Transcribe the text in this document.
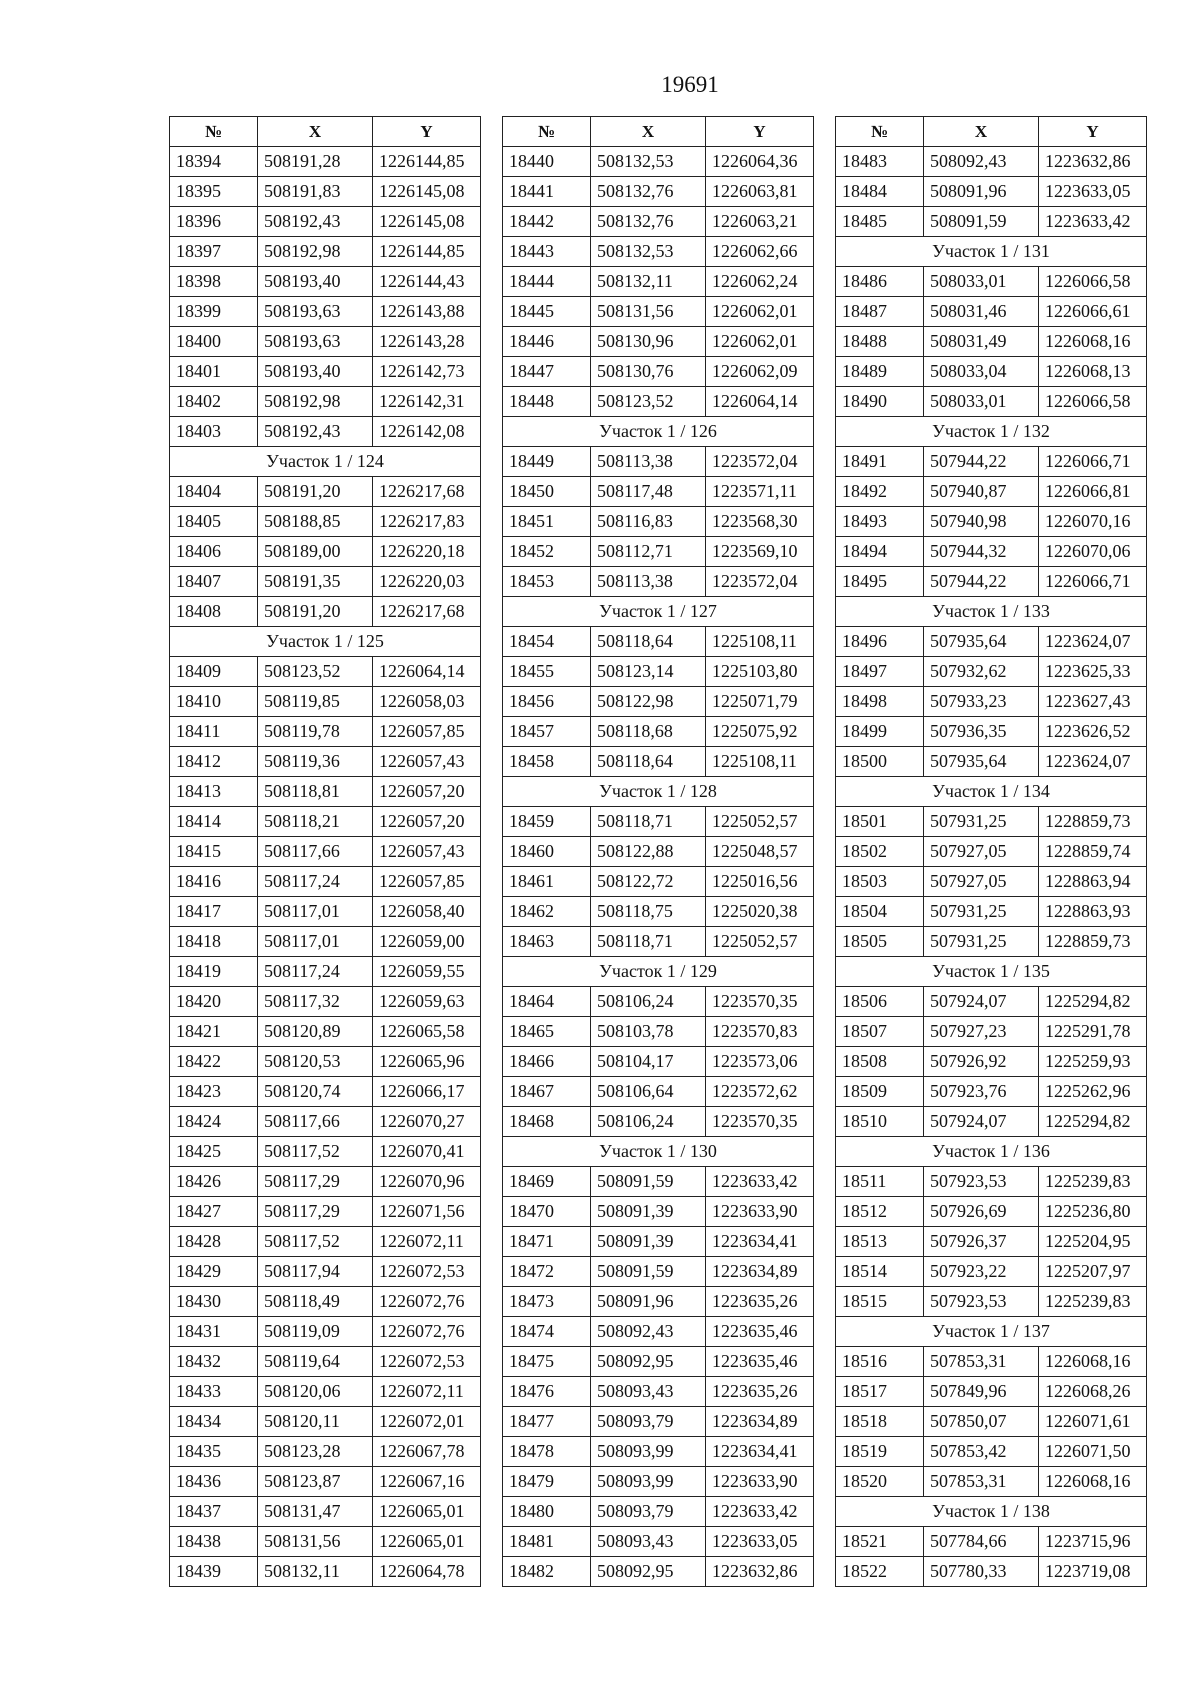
19691
№	X	Y
18394	508191,28	1226144,85
18395	508191,83	1226145,08
18396	508192,43	1226145,08
18397	508192,98	1226144,85
18398	508193,40	1226144,43
18399	508193,63	1226143,88
18400	508193,63	1226143,28
18401	508193,40	1226142,73
18402	508192,98	1226142,31
18403	508192,43	1226142,08
Участок 1 / 124		
18404	508191,20	1226217,68
18405	508188,85	1226217,83
18406	508189,00	1226220,18
18407	508191,35	1226220,03
18408	508191,20	1226217,68
Участок 1 / 125		
18409	508123,52	1226064,14
18410	508119,85	1226058,03
18411	508119,78	1226057,85
18412	508119,36	1226057,43
18413	508118,81	1226057,20
18414	508118,21	1226057,20
18415	508117,66	1226057,43
18416	508117,24	1226057,85
18417	508117,01	1226058,40
18418	508117,01	1226059,00
18419	508117,24	1226059,55
18420	508117,32	1226059,63
18421	508120,89	1226065,58
18422	508120,53	1226065,96
18423	508120,74	1226066,17
18424	508117,66	1226070,27
18425	508117,52	1226070,41
18426	508117,29	1226070,96
18427	508117,29	1226071,56
18428	508117,52	1226072,11
18429	508117,94	1226072,53
18430	508118,49	1226072,76
18431	508119,09	1226072,76
18432	508119,64	1226072,53
18433	508120,06	1226072,11
18434	508120,11	1226072,01
18435	508123,28	1226067,78
18436	508123,87	1226067,16
18437	508131,47	1226065,01
18438	508131,56	1226065,01
18439	508132,11	1226064,78
№	X	Y
18440	508132,53	1226064,36
18441	508132,76	1226063,81
18442	508132,76	1226063,21
18443	508132,53	1226062,66
18444	508132,11	1226062,24
18445	508131,56	1226062,01
18446	508130,96	1226062,01
18447	508130,76	1226062,09
18448	508123,52	1226064,14
Участок 1 / 126		
18449	508113,38	1223572,04
18450	508117,48	1223571,11
18451	508116,83	1223568,30
18452	508112,71	1223569,10
18453	508113,38	1223572,04
Участок 1 / 127		
18454	508118,64	1225108,11
18455	508123,14	1225103,80
18456	508122,98	1225071,79
18457	508118,68	1225075,92
18458	508118,64	1225108,11
Участок 1 / 128		
18459	508118,71	1225052,57
18460	508122,88	1225048,57
18461	508122,72	1225016,56
18462	508118,75	1225020,38
18463	508118,71	1225052,57
Участок 1 / 129		
18464	508106,24	1223570,35
18465	508103,78	1223570,83
18466	508104,17	1223573,06
18467	508106,64	1223572,62
18468	508106,24	1223570,35
Участок 1 / 130		
18469	508091,59	1223633,42
18470	508091,39	1223633,90
18471	508091,39	1223634,41
18472	508091,59	1223634,89
18473	508091,96	1223635,26
18474	508092,43	1223635,46
18475	508092,95	1223635,46
18476	508093,43	1223635,26
18477	508093,79	1223634,89
18478	508093,99	1223634,41
18479	508093,99	1223633,90
18480	508093,79	1223633,42
18481	508093,43	1223633,05
18482	508092,95	1223632,86
№	X	Y
18483	508092,43	1223632,86
18484	508091,96	1223633,05
18485	508091,59	1223633,42
Участок 1 / 131		
18486	508033,01	1226066,58
18487	508031,46	1226066,61
18488	508031,49	1226068,16
18489	508033,04	1226068,13
18490	508033,01	1226066,58
Участок 1 / 132		
18491	507944,22	1226066,71
18492	507940,87	1226066,81
18493	507940,98	1226070,16
18494	507944,32	1226070,06
18495	507944,22	1226066,71
Участок 1 / 133		
18496	507935,64	1223624,07
18497	507932,62	1223625,33
18498	507933,23	1223627,43
18499	507936,35	1223626,52
18500	507935,64	1223624,07
Участок 1 / 134		
18501	507931,25	1228859,73
18502	507927,05	1228859,74
18503	507927,05	1228863,94
18504	507931,25	1228863,93
18505	507931,25	1228859,73
Участок 1 / 135		
18506	507924,07	1225294,82
18507	507927,23	1225291,78
18508	507926,92	1225259,93
18509	507923,76	1225262,96
18510	507924,07	1225294,82
Участок 1 / 136		
18511	507923,53	1225239,83
18512	507926,69	1225236,80
18513	507926,37	1225204,95
18514	507923,22	1225207,97
18515	507923,53	1225239,83
Участок 1 / 137		
18516	507853,31	1226068,16
18517	507849,96	1226068,26
18518	507850,07	1226071,61
18519	507853,42	1226071,50
18520	507853,31	1226068,16
Участок 1 / 138		
18521	507784,66	1223715,96
18522	507780,33	1223719,08
